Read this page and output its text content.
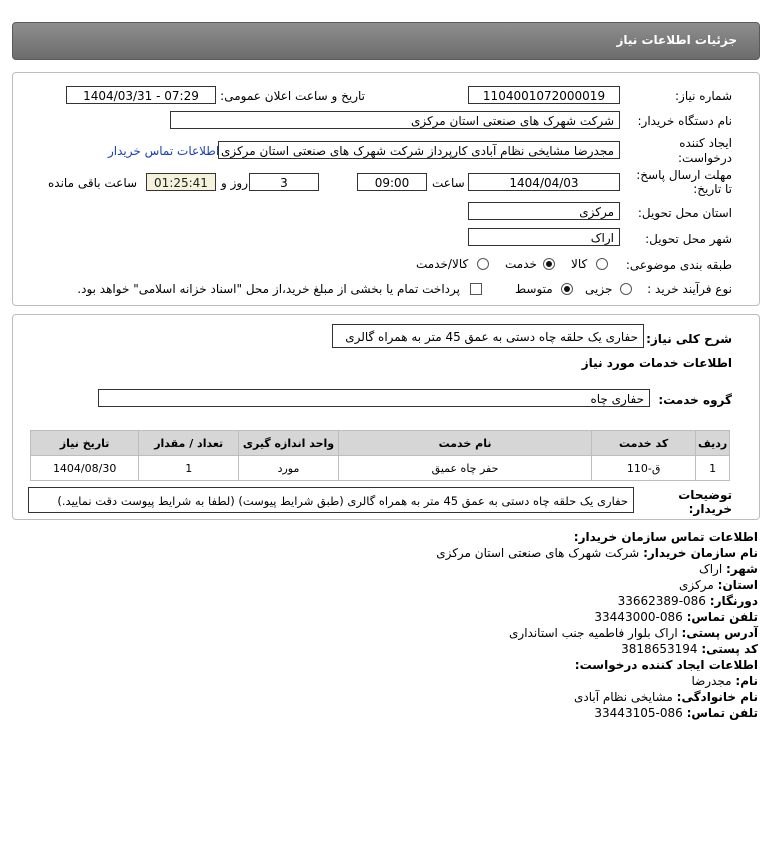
جزئیات اطلاعات نیاز
شماره نیاز:
1104001072000019
تاریخ و ساعت اعلان عمومی:
1404/03/31 - 07:29
نام دستگاه خریدار:
شرکت شهرک های صنعتی استان مرکزی
ایجاد کننده
درخواست:
مجدرضا مشایخی نظام آبادی کارپرداز شرکت شهرک های صنعتی استان مرکزی
اطلاعات تماس خریدار
مهلت ارسال پاسخ:
تا تاریخ:
1404/04/03
ساعت
09:00
3
روز و
01:25:41
ساعت باقی مانده
استان محل تحویل:
مرکزی
شهر محل تحویل:
اراک
طبقه بندی موضوعی:
کالا
خدمت
کالا/خدمت
نوع فرآیند خرید :
جزیی
متوسط
پرداخت تمام یا بخشی از مبلغ خرید،از محل "اسناد خزانه اسلامی" خواهد بود.
شرح کلی نیاز:
حفاری یک حلقه چاه دستی به عمق 45 متر به همراه گالری
اطلاعات خدمات مورد نیاز
گروه خدمت:
حفاری چاه
ردیف	کد خدمت	نام خدمت	واحد اندازه گیری	تعداد / مقدار	تاریخ نیاز
1	ق-110	حفر چاه عمیق	مورد	1	1404/08/30
توضیحات
خریدار:
حفاری یک حلقه چاه دستی به عمق 45 متر به همراه گالری (طبق شرایط پیوست) (لطفا به شرایط پیوست دقت نمایید.)
اطلاعات تماس سازمان خریدار:
نام سازمان خریدار: شرکت شهرک های صنعتی استان مرکزی
شهر: اراک
استان: مرکزی
دورنگار: 086-33662389
تلفن تماس: 086-33443000
آدرس پستی: اراک بلوار فاطمیه جنب استانداری
کد پستی: 3818653194
اطلاعات ایجاد کننده درخواست:
نام: مجدرضا
نام خانوادگی: مشایخی نظام آبادی
تلفن تماس: 086-33443105
